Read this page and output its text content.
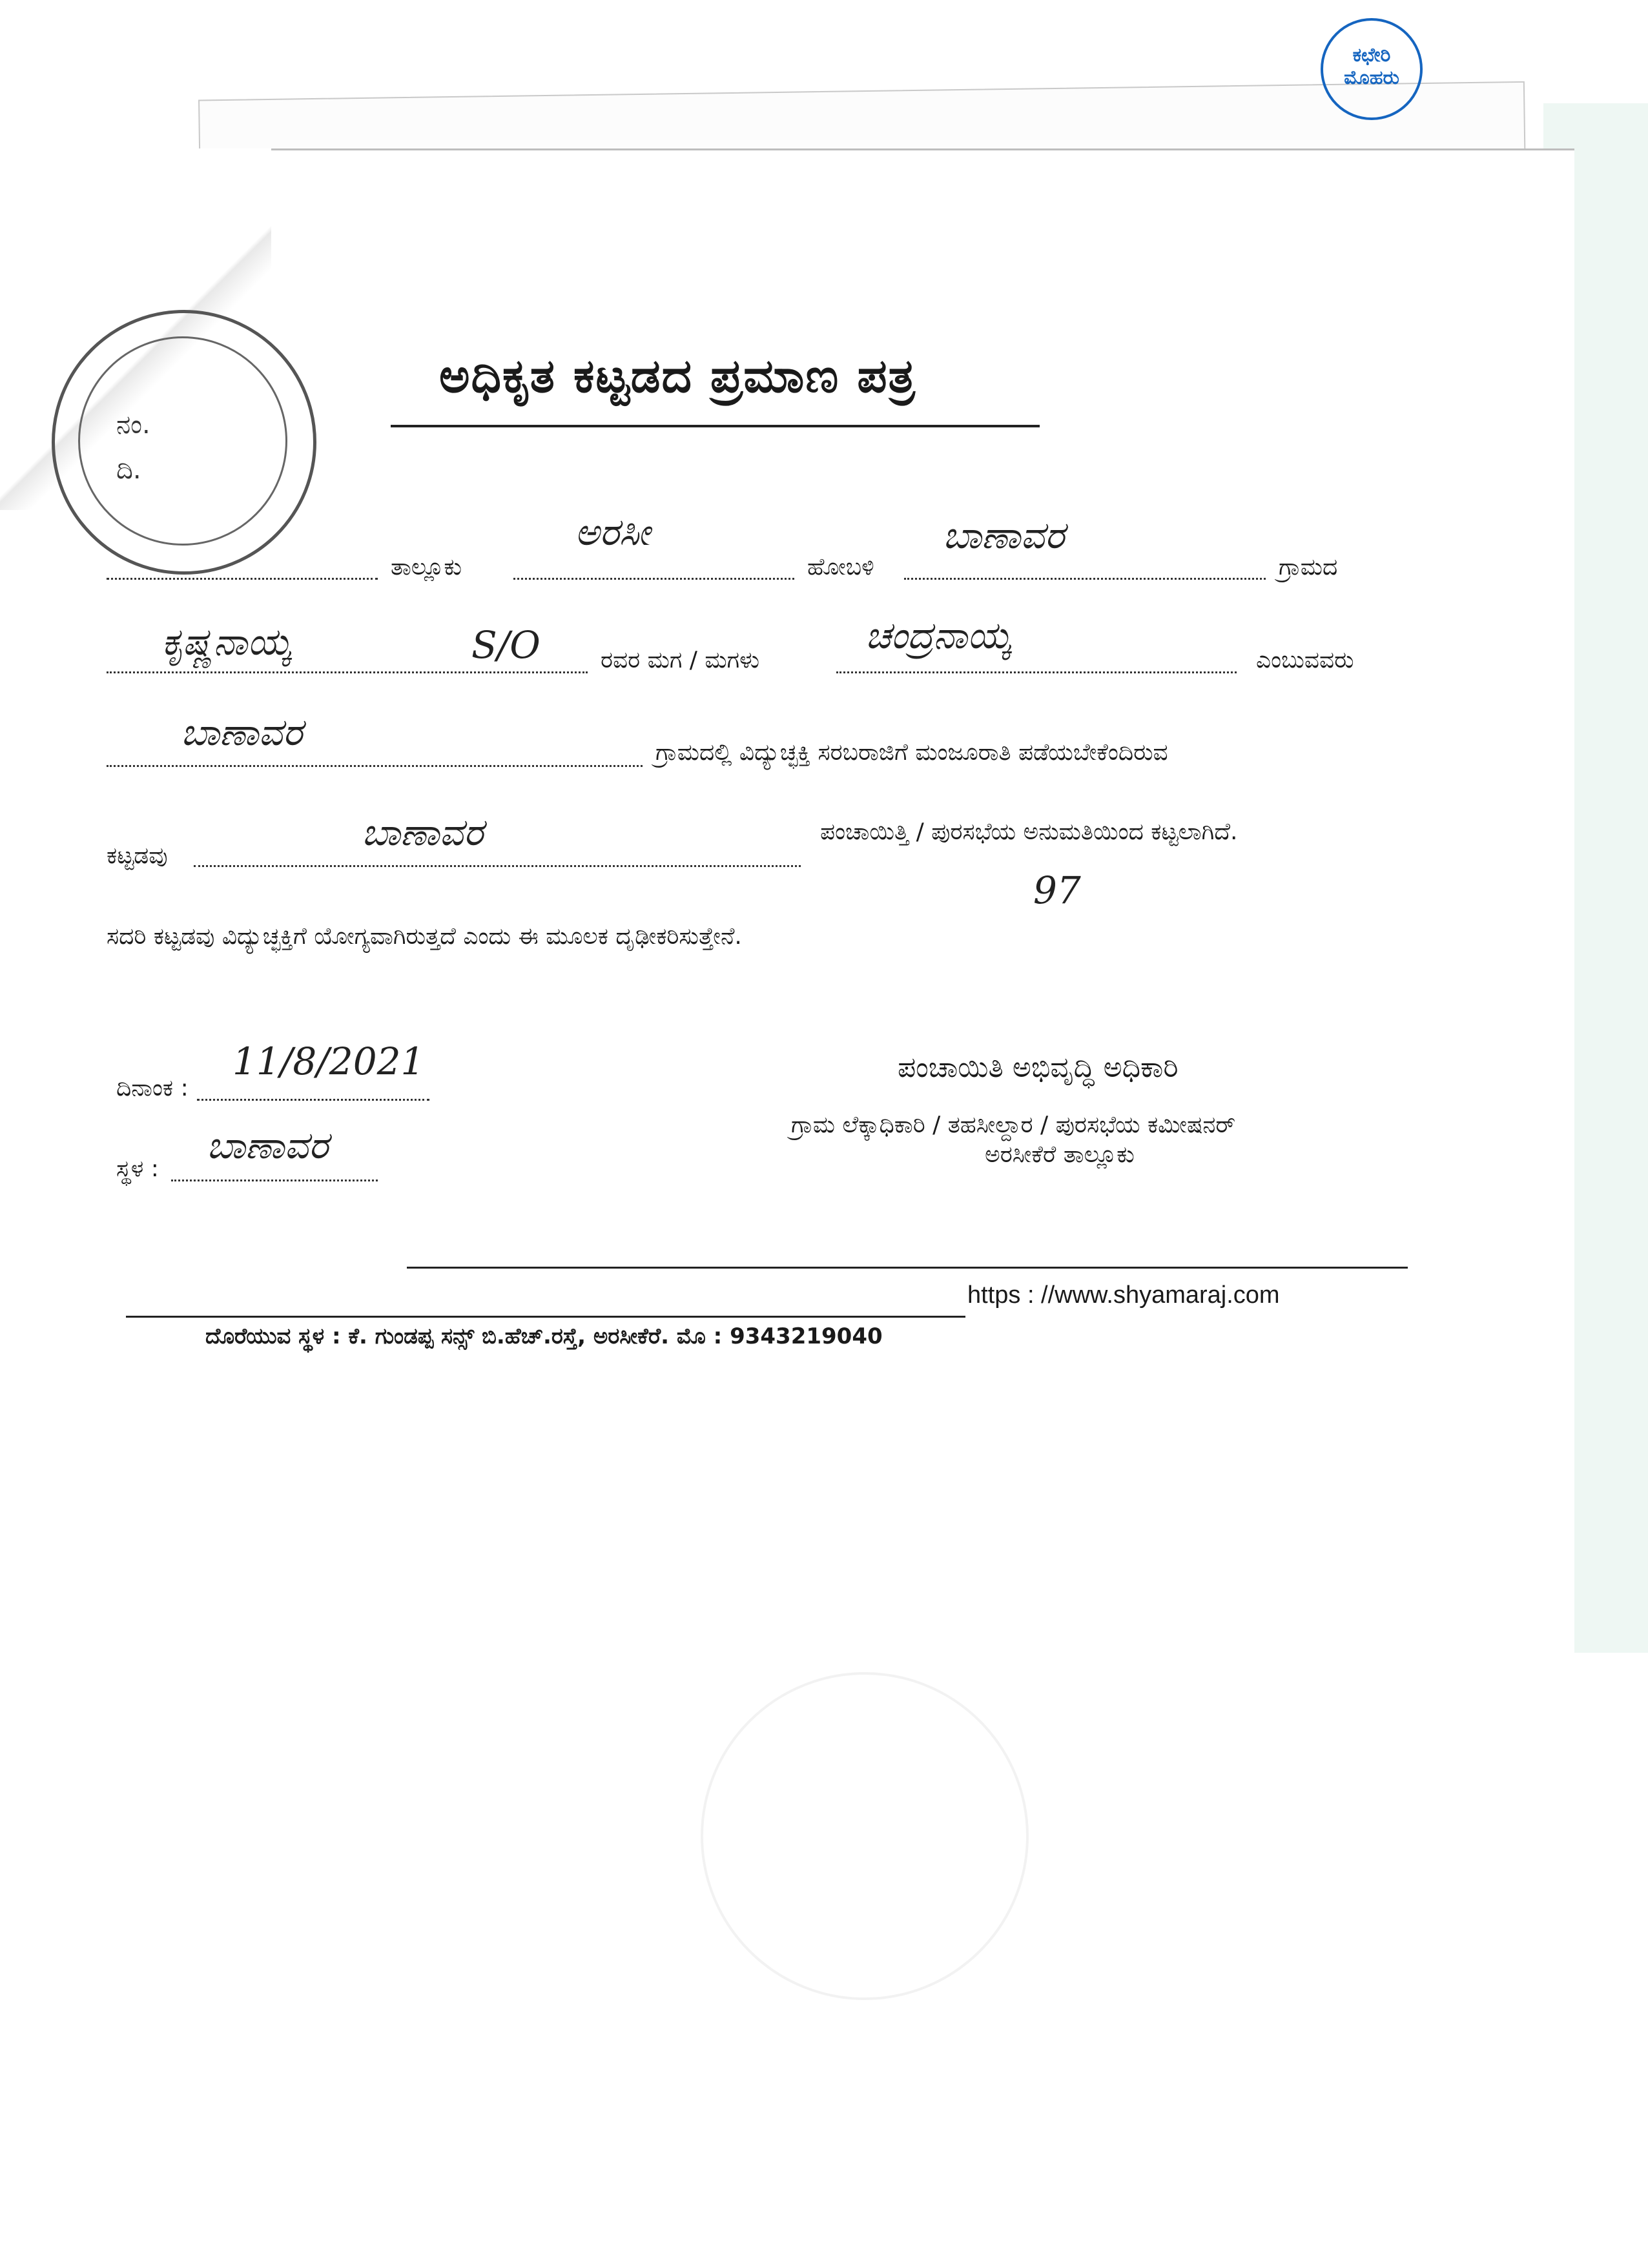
ಕಛೇರಿ
ಮೊಹರು
ನಂ.
ದಿ.
ಅಧಿಕೃತ ಕಟ್ಟಡದ ಪ್ರಮಾಣ ಪತ್ರ
ತಾಲ್ಲೂಕು
ಅರಸೀ
ಹೋಬಳಿ
ಬಾಣಾವರ
ಗ್ರಾಮದ
ಕೃಷ್ಣನಾಯ್ಕ	S/O	ರವರ ಮಗ / ಮಗಳು
ಚಂದ್ರನಾಯ್ಕ
ಎಂಬುವವರು
ಬಾಣಾವರ	ಗ್ರಾಮದಲ್ಲಿ ವಿದ್ಯುಚ್ಛಕ್ತಿ ಸರಬರಾಜಿಗೆ ಮಂಜೂರಾತಿ ಪಡೆಯಬೇಕೆಂದಿರುವ
ಕಟ್ಟಡವು
ಬಾಣಾವರ	ಪಂಚಾಯಿತ್ತಿ / ಪುರಸಭೆಯ ಅನುಮತಿಯಿಂದ ಕಟ್ಟಲಾಗಿದೆ.
ಸದರಿ ಕಟ್ಟಡವು ವಿದ್ಯುಚ್ಛಕ್ತಿಗೆ ಯೋಗ್ಯವಾಗಿರುತ್ತದೆ ಎಂದು ಈ ಮೂಲಕ ದೃಢೀಕರಿಸುತ್ತೇನೆ.
97
ಪಂಚಾಯಿತಿ ಅಭಿವೃದ್ಧಿ ಅಧಿಕಾರಿ
ಗ್ರಾಮ ಲೆಕ್ಕಾಧಿಕಾರಿ / ತಹಸೀಲ್ದಾರ / ಪುರಸಭೆಯ ಕಮೀಷನರ್
ಅರಸೀಕೆರೆ ತಾಲ್ಲೂಕು
ದಿನಾಂಕ :
11/8/2021
ಸ್ಥಳ :
ಬಾಣಾವರ
https : //www.shyamaraj.com
ದೊರೆಯುವ ಸ್ಥಳ : ಕೆ. ಗುಂಡಪ್ಪ ಸನ್ಸ್ ಬಿ.ಹೆಚ್.ರಸ್ತೆ, ಅರಸೀಕೆರೆ. ಮೊ : 9343219040
